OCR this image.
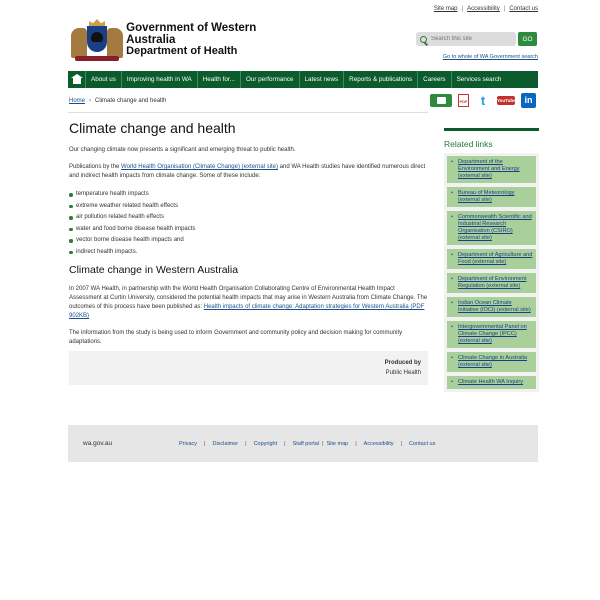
Site map | Accessibility | Contact us
Government of Western Australia
Department of Health
Search this site
GO
Go to whole of WA Government search
About us	Improving health in WA	Health for...	Our performance	Latest news	Reports & publications	Careers	Services search
Home › Climate change and health	PDF	t	YouTube in
Climate change and health

Our changing climate now presents a significant and emerging threat to public health.

Publications by the World Health Organisation (Climate Change) (external site) and WA Health studies have identified numerous direct and indirect health impacts from climate change. Some of these include:

temperature health impacts
extreme weather related health effects
air pollution related health effects
water and food borne disease health impacts
vector borne disease health impacts and
indirect health impacts.
Climate change in Western Australia

In 2007 WA Health, in partnership with the World Health Organisation Collaborating Centre of Environmental Health Impact Assessment at Curtin University, considered the potential health impacts that may arise in Western Australia from Climate Change. The outcomes of this process have been published as: Health impacts of climate change: Adaptation strategies for Western Australia (PDF 902KB)

The information from the study is being used to inform Government and community policy and decision making for community adaptations.

Produced by
Public Health
Related links
• Department of the Environment and Energy (external site)
• Bureau of Meteorology (external site)
• Commonwealth Scientific and Industrial Research Organisation (CSIRO) (external site)
• Department of Agriculture and Food (external site)
• Department of Environment Regulation (external site)
• Indian Ocean Climate Initiative (IOCI) (external site)
• Intergovernmental Panel on Climate Change (IPCC) (external site)
• Climate Change in Australia (external site)
• Climate Health WA Inquiry
wa.gov.au	Privacy | Disclaimer | Copyright | Staff portal | Site map | Accessibility | Contact us
